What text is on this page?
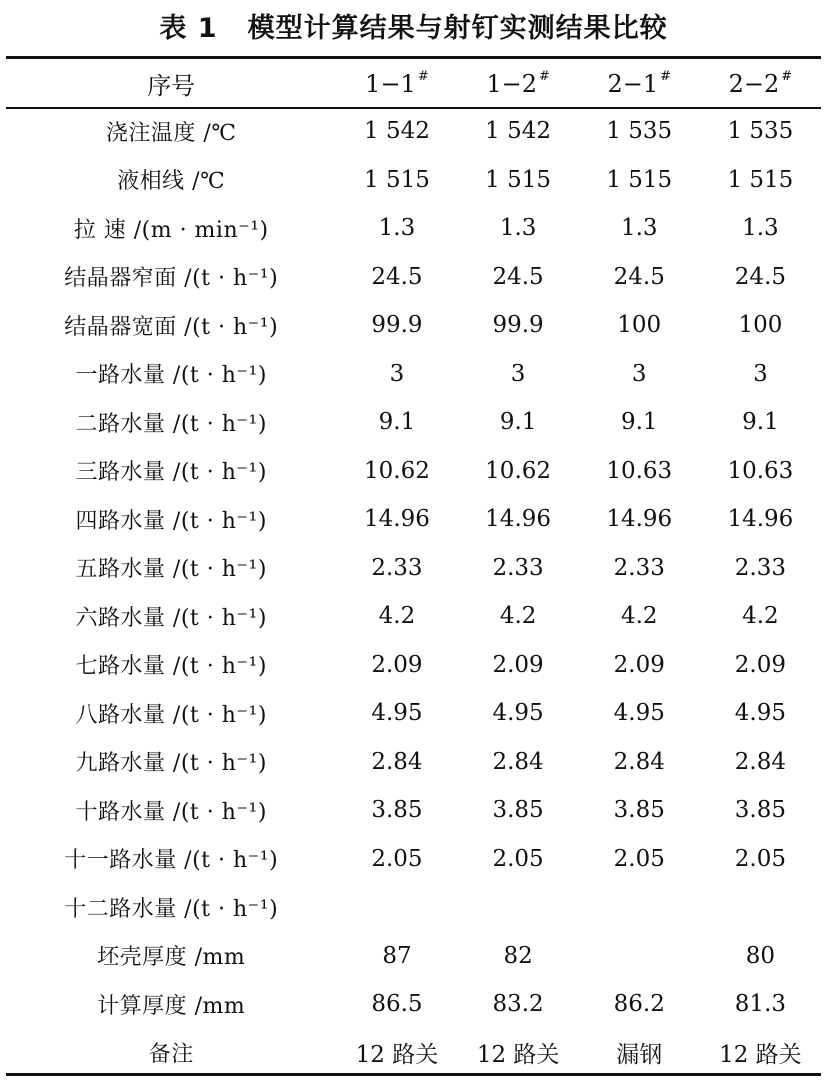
表 1 模型计算结果与射钉实测结果比较
序号	1−1 #	1−2 #	2−1 #	2−2 #
浇注温度 /℃	1 542	1 542	1 535	1 535
液相线 /℃	1 515	1 515	1 515	1 515
拉 速 /(m · min⁻¹)	1.3	1.3	1.3	1.3
结晶器窄面 /(t · h⁻¹)	24.5	24.5	24.5	24.5
结晶器宽面 /(t · h⁻¹)	99.9	99.9	100	100
一路水量 /(t · h⁻¹)	3	3	3	3
二路水量 /(t · h⁻¹)	9.1	9.1	9.1	9.1
三路水量 /(t · h⁻¹)	10.62	10.62	10.63	10.63
四路水量 /(t · h⁻¹)	14.96	14.96	14.96	14.96
五路水量 /(t · h⁻¹)	2.33	2.33	2.33	2.33
六路水量 /(t · h⁻¹)	4.2	4.2	4.2	4.2
七路水量 /(t · h⁻¹)	2.09	2.09	2.09	2.09
八路水量 /(t · h⁻¹)	4.95	4.95	4.95	4.95
九路水量 /(t · h⁻¹)	2.84	2.84	2.84	2.84
十路水量 /(t · h⁻¹)	3.85	3.85	3.85	3.85
十一路水量 /(t · h⁻¹)	2.05	2.05	2.05	2.05
十二路水量 /(t · h⁻¹)				
坯壳厚度 /mm	87	82		80
计算厚度 /mm	86.5	83.2	86.2	81.3
备注	12 路关	12 路关	漏钢	12 路关
